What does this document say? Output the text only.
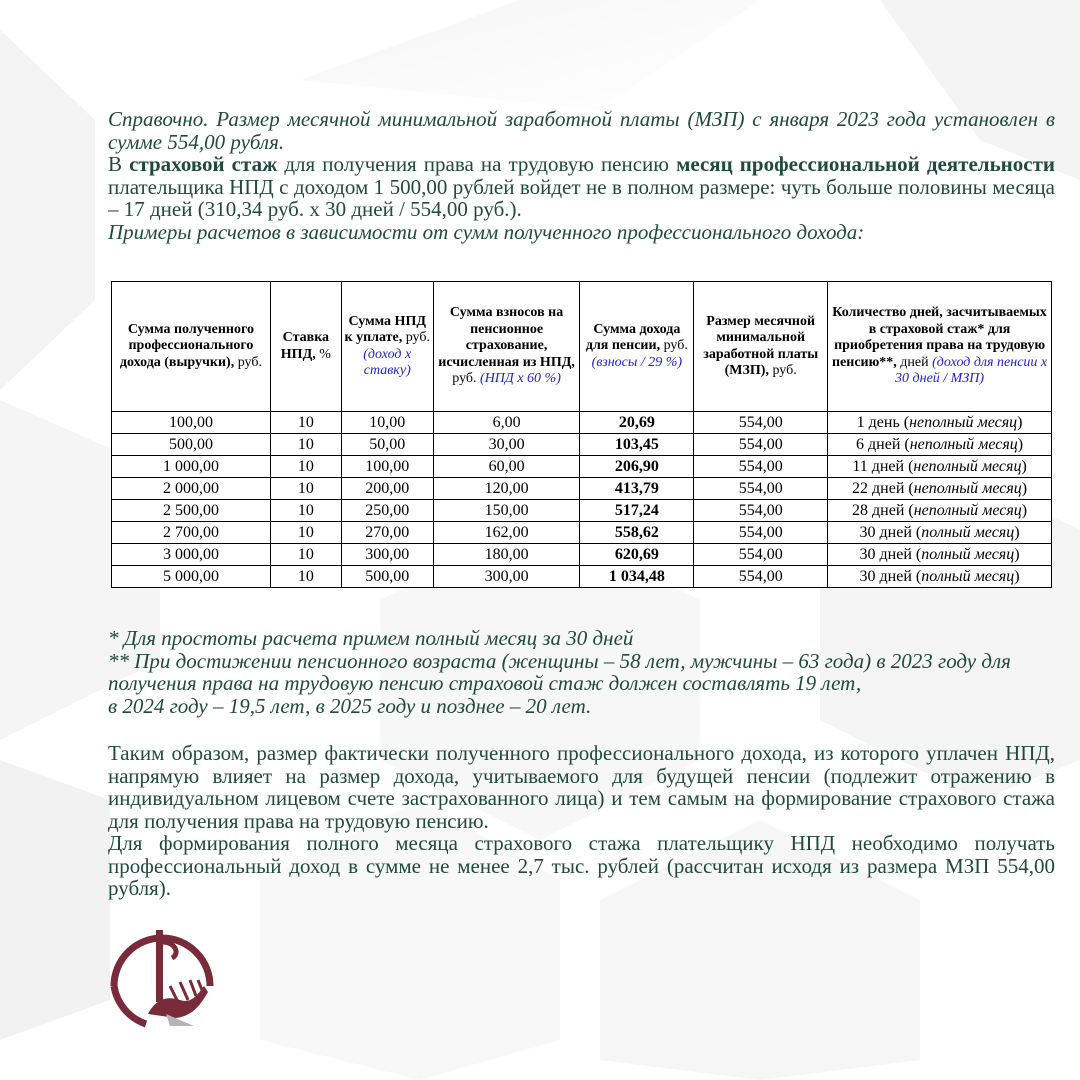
Справочно. Размер месячной минимальной заработной платы (МЗП) с января 2023 года установлен в сумме 554,00 рубля.

В страховой стаж для получения права на трудовую пенсию месяц профессиональной деятельности плательщика НПД с доходом 1 500,00 рублей войдет не в полном размере: чуть больше половины месяца – 17 дней (310,34 руб. х 30 дней / 554,00 руб.).

Примеры расчетов в зависимости от сумм полученного профессионального дохода:

Сумма полученного профессионального дохода (выручки), руб.	Ставка НПД, %	Сумма НПД к уплате, руб. (доход х ставку)	Сумма взносов на пенсионное страхование, исчисленная из НПД, руб. (НПД х 60 %)	Сумма дохода для пенсии, руб. (взносы / 29 %)	Размер месячной минимальной заработной платы (МЗП), руб.	Количество дней, засчитываемых в страховой стаж* для приобретения права на трудовую пенсию**, дней (доход для пенсии х 30 дней / МЗП)
100,00	10	10,00	6,00	20,69	554,00	1 день (неполный месяц)
500,00	10	50,00	30,00	103,45	554,00	6 дней (неполный месяц)
1 000,00	10	100,00	60,00	206,90	554,00	11 дней (неполный месяц)
2 000,00	10	200,00	120,00	413,79	554,00	22 дней (неполный месяц)
2 500,00	10	250,00	150,00	517,24	554,00	28 дней (неполный месяц)
2 700,00	10	270,00	162,00	558,62	554,00	30 дней (полный месяц)
3 000,00	10	300,00	180,00	620,69	554,00	30 дней (полный месяц)
5 000,00	10	500,00	300,00	1 034,48	554,00	30 дней (полный месяц)

* Для простоты расчета примем полный месяц за 30 дней

** При достижении пенсионного возраста (женщины – 58 лет, мужчины – 63 года) в 2023 году для получения права на трудовую пенсию страховой стаж должен составлять 19 лет,

в 2024 году – 19,5 лет, в 2025 году и позднее – 20 лет.

Таким образом, размер фактически полученного профессионального дохода, из которого уплачен НПД, напрямую влияет на размер дохода, учитываемого для будущей пенсии (подлежит отражению в индивидуальном лицевом счете застрахованного лица) и тем самым на формирование страхового стажа для получения права на трудовую пенсию.

Для формирования полного месяца страхового стажа плательщику НПД необходимо получать профессиональный доход в сумме не менее 2,7 тыс. рублей (рассчитан исходя из размера МЗП 554,00 рубля).
